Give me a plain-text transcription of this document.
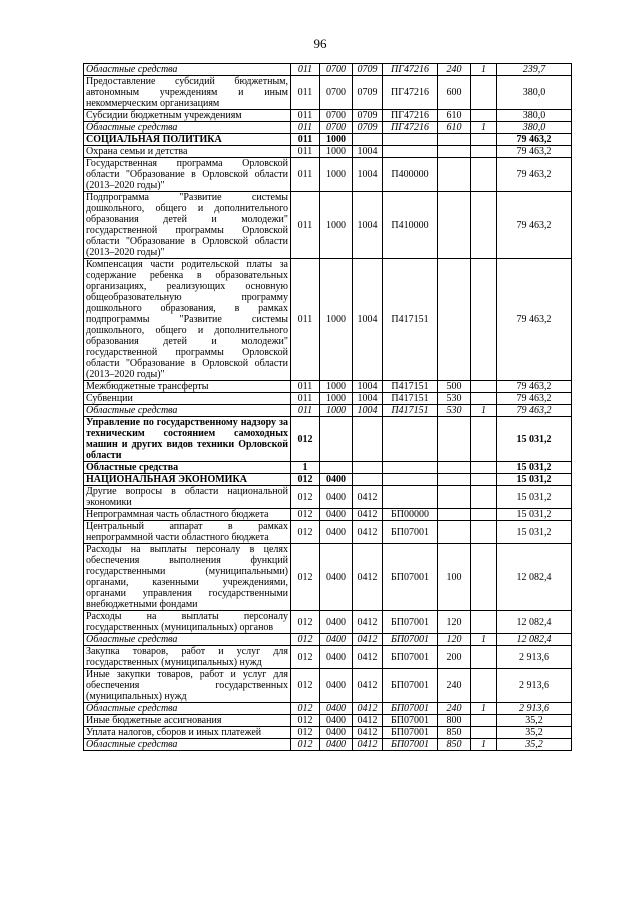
96
Областные средства	011	0700	0709	ПГ47216	240	1	239,7
Предоставление субсидий бюджетным, автономным учреждениям и иным некоммерческим организациям	011	0700	0709	ПГ47216	600		380,0
Субсидии бюджетным учреждениям	011	0700	0709	ПГ47216	610		380,0
Областные средства	011	0700	0709	ПГ47216	610	1	380,0
СОЦИАЛЬНАЯ ПОЛИТИКА	011	1000					79 463,2
Охрана семьи и детства	011	1000	1004				79 463,2
Государственная программа Орловской области "Образование в Орловской области (2013–2020 годы)"	011	1000	1004	П400000			79 463,2
Подпрограмма "Развитие системы дошкольного, общего и дополнительного образования детей и молодежи" государственной программы Орловской области "Образование в Орловской области (2013–2020 годы)"	011	1000	1004	П410000			79 463,2
Компенсация части родительской платы за содержание ребенка в образовательных организациях, реализующих основную общеобразовательную программу дошкольного образования, в рамках подпрограммы "Развитие системы дошкольного, общего и дополнительного образования детей и молодежи" государственной программы Орловской области "Образование в Орловской области (2013–2020 годы)"	011	1000	1004	П417151			79 463,2
Межбюджетные трансферты	011	1000	1004	П417151	500		79 463,2
Субвенции	011	1000	1004	П417151	530		79 463,2
Областные средства	011	1000	1004	П417151	530	1	79 463,2
Управление по государственному надзору за техническим состоянием самоходных машин и других видов техники Орловской области	012						15 031,2
Областные средства	1						15 031,2
НАЦИОНАЛЬНАЯ ЭКОНОМИКА	012	0400					15 031,2
Другие вопросы в области национальной экономики	012	0400	0412				15 031,2
Непрограммная часть областного бюджета	012	0400	0412	БП00000			15 031,2
Центральный аппарат в рамках непрограммной части областного бюджета	012	0400	0412	БП07001			15 031,2
Расходы на выплаты персоналу в целях обеспечения выполнения функций государственными (муниципальными) органами, казенными учреждениями, органами управления государственными внебюджетными фондами	012	0400	0412	БП07001	100		12 082,4
Расходы на выплаты персоналу государственных (муниципальных) органов	012	0400	0412	БП07001	120		12 082,4
Областные средства	012	0400	0412	БП07001	120	1	12 082,4
Закупка товаров, работ и услуг для государственных (муниципальных) нужд	012	0400	0412	БП07001	200		2 913,6
Иные закупки товаров, работ и услуг для обеспечения государственных (муниципальных) нужд	012	0400	0412	БП07001	240		2 913,6
Областные средства	012	0400	0412	БП07001	240	1	2 913,6
Иные бюджетные ассигнования	012	0400	0412	БП07001	800		35,2
Уплата налогов, сборов и иных платежей	012	0400	0412	БП07001	850		35,2
Областные средства	012	0400	0412	БП07001	850	1	35,2
